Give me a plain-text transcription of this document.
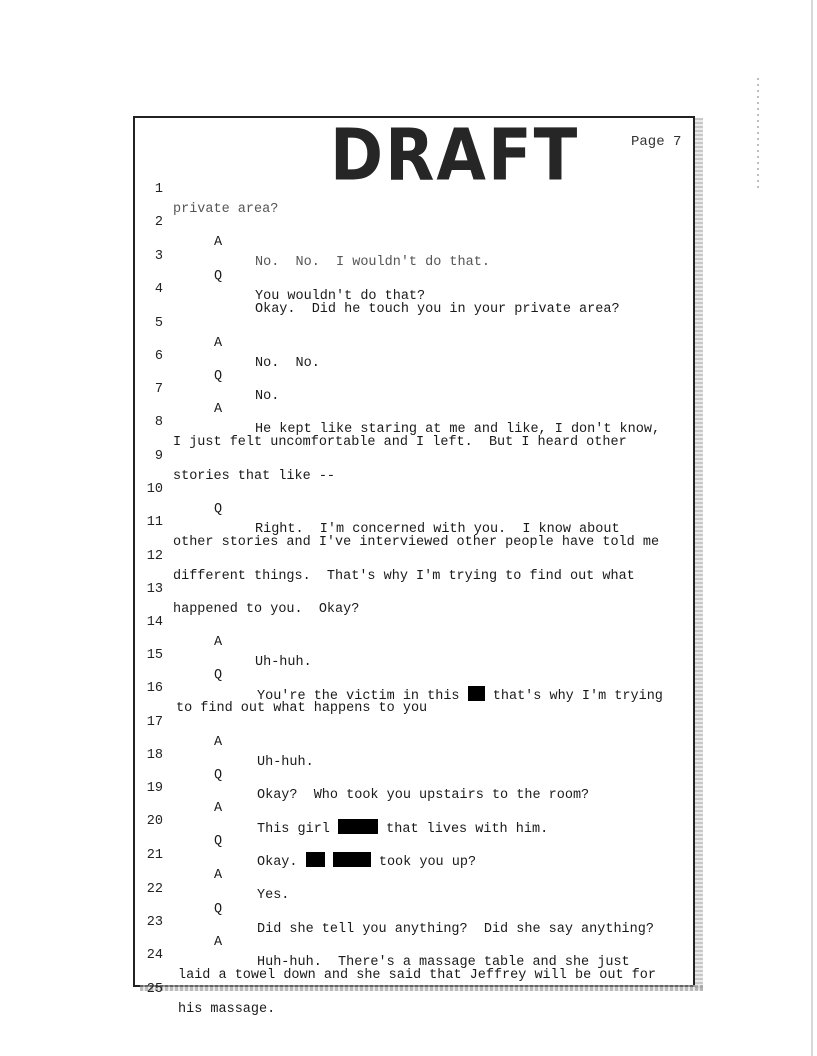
DRAFT	Page 7

1

private area?

2

A

No.  No.  I wouldn't do that.

3

Q

You wouldn't do that?

4

Okay.  Did he touch you in your private area?

5

A

No.  No.

6

Q

No.

7

A

He kept like staring at me and like, I don't know,

8

I just felt uncomfortable and I left.  But I heard other

9

stories that like --

10

Q

Right.  I'm concerned with you.  I know about

11

other stories and I've interviewed other people have told me

12

different things.  That's why I'm trying to find out what

13

happened to you.  Okay?

14

A

Uh-huh.

15

Q

You're the victim in this that's why I'm trying

16

to find out what happens to you

17

A

Uh-huh.

18

Q

Okay?  Who took you upstairs to the room?

19

A

This girl	that lives with him.

20

Q

Okay.	took you up?

21

A

Yes.

22

Q

Did she tell you anything?  Did she say anything?

23

A

Huh-huh.  There's a massage table and she just

24

laid a towel down and she said that Jeffrey will be out for

25

his massage.
